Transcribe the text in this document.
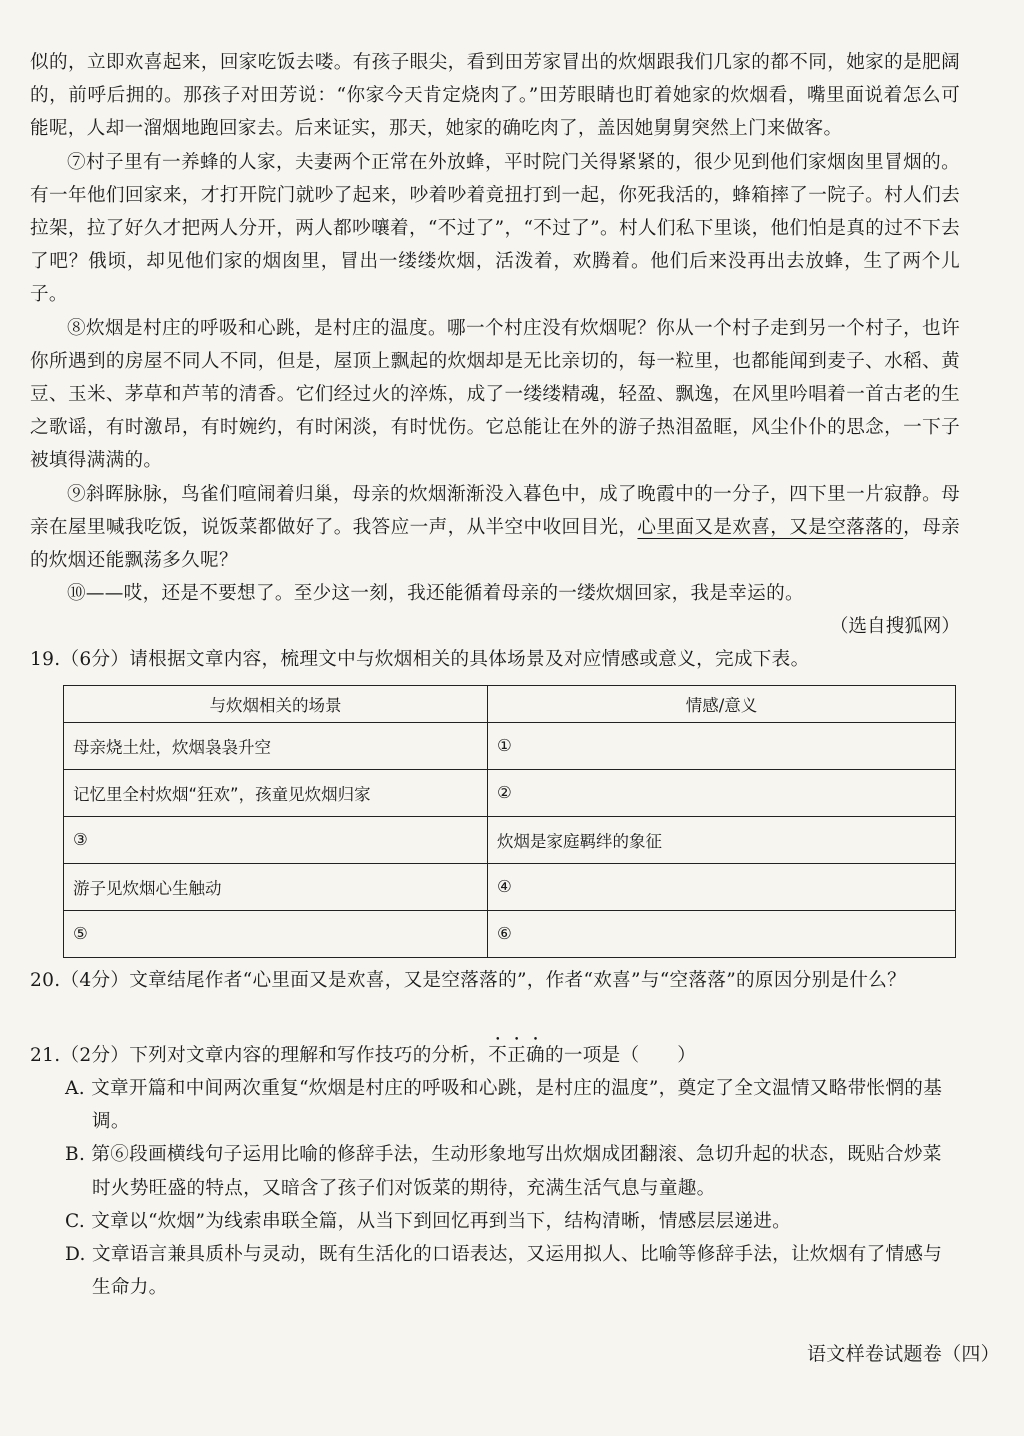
似的，立即欢喜起来，回家吃饭去喽。有孩子眼尖，看到田芳家冒出的炊烟跟我们几家的都不同，她家的是肥阔的，前呼后拥的。那孩子对田芳说：“你家今天肯定烧肉了。”田芳眼睛也盯着她家的炊烟看，嘴里面说着怎么可能呢，人却一溜烟地跑回家去。后来证实，那天，她家的确吃肉了，盖因她舅舅突然上门来做客。

⑦村子里有一养蜂的人家，夫妻两个正常在外放蜂，平时院门关得紧紧的，很少见到他们家烟囱里冒烟的。有一年他们回家来，才打开院门就吵了起来，吵着吵着竟扭打到一起，你死我活的，蜂箱摔了一院子。村人们去拉架，拉了好久才把两人分开，两人都吵嚷着，“不过了”，“不过了”。村人们私下里谈，他们怕是真的过不下去了吧？俄顷，却见他们家的烟囱里，冒出一缕缕炊烟，活泼着，欢腾着。他们后来没再出去放蜂，生了两个儿子。

⑧炊烟是村庄的呼吸和心跳，是村庄的温度。哪一个村庄没有炊烟呢？你从一个村子走到另一个村子，也许你所遇到的房屋不同人不同，但是，屋顶上飘起的炊烟却是无比亲切的，每一粒里，也都能闻到麦子、水稻、黄豆、玉米、茅草和芦苇的清香。它们经过火的淬炼，成了一缕缕精魂，轻盈、飘逸，在风里吟唱着一首古老的生之歌谣，有时激昂，有时婉约，有时闲淡，有时忧伤。它总能让在外的游子热泪盈眶，风尘仆仆的思念，一下子被填得满满的。

⑨斜晖脉脉，鸟雀们喧闹着归巢，母亲的炊烟渐渐没入暮色中，成了晚霞中的一分子，四下里一片寂静。母亲在屋里喊我吃饭，说饭菜都做好了。我答应一声，从半空中收回目光，心里面又是欢喜，又是空落落的，母亲的炊烟还能飘荡多久呢？

⑩——哎，还是不要想了。至少这一刻，我还能循着母亲的一缕炊烟回家，我是幸运的。

（选自搜狐网）

19.（6分）请根据文章内容，梳理文中与炊烟相关的具体场景及对应情感或意义，完成下表。

与炊烟相关的场景	情感/意义
母亲烧土灶，炊烟袅袅升空	①
记忆里全村炊烟“狂欢”，孩童见炊烟归家	②
③	炊烟是家庭羁绊的象征
游子见炊烟心生触动	④
⑤	⑥

20.（4分）文章结尾作者“心里面又是欢喜，又是空落落的”，作者“欢喜”与“空落落”的原因分别是什么？

21.（2分）下列对文章内容的理解和写作技巧的分析，不正确的一项是（　　）

A. 文章开篇和中间两次重复“炊烟是村庄的呼吸和心跳，是村庄的温度”，奠定了全文温情又略带怅惘的基调。

B. 第⑥段画横线句子运用比喻的修辞手法，生动形象地写出炊烟成团翻滚、急切升起的状态，既贴合炒菜时火势旺盛的特点，又暗含了孩子们对饭菜的期待，充满生活气息与童趣。

C. 文章以“炊烟”为线索串联全篇，从当下到回忆再到当下，结构清晰，情感层层递进。

D. 文章语言兼具质朴与灵动，既有生活化的口语表达，又运用拟人、比喻等修辞手法，让炊烟有了情感与生命力。

语文样卷试题卷（四）
